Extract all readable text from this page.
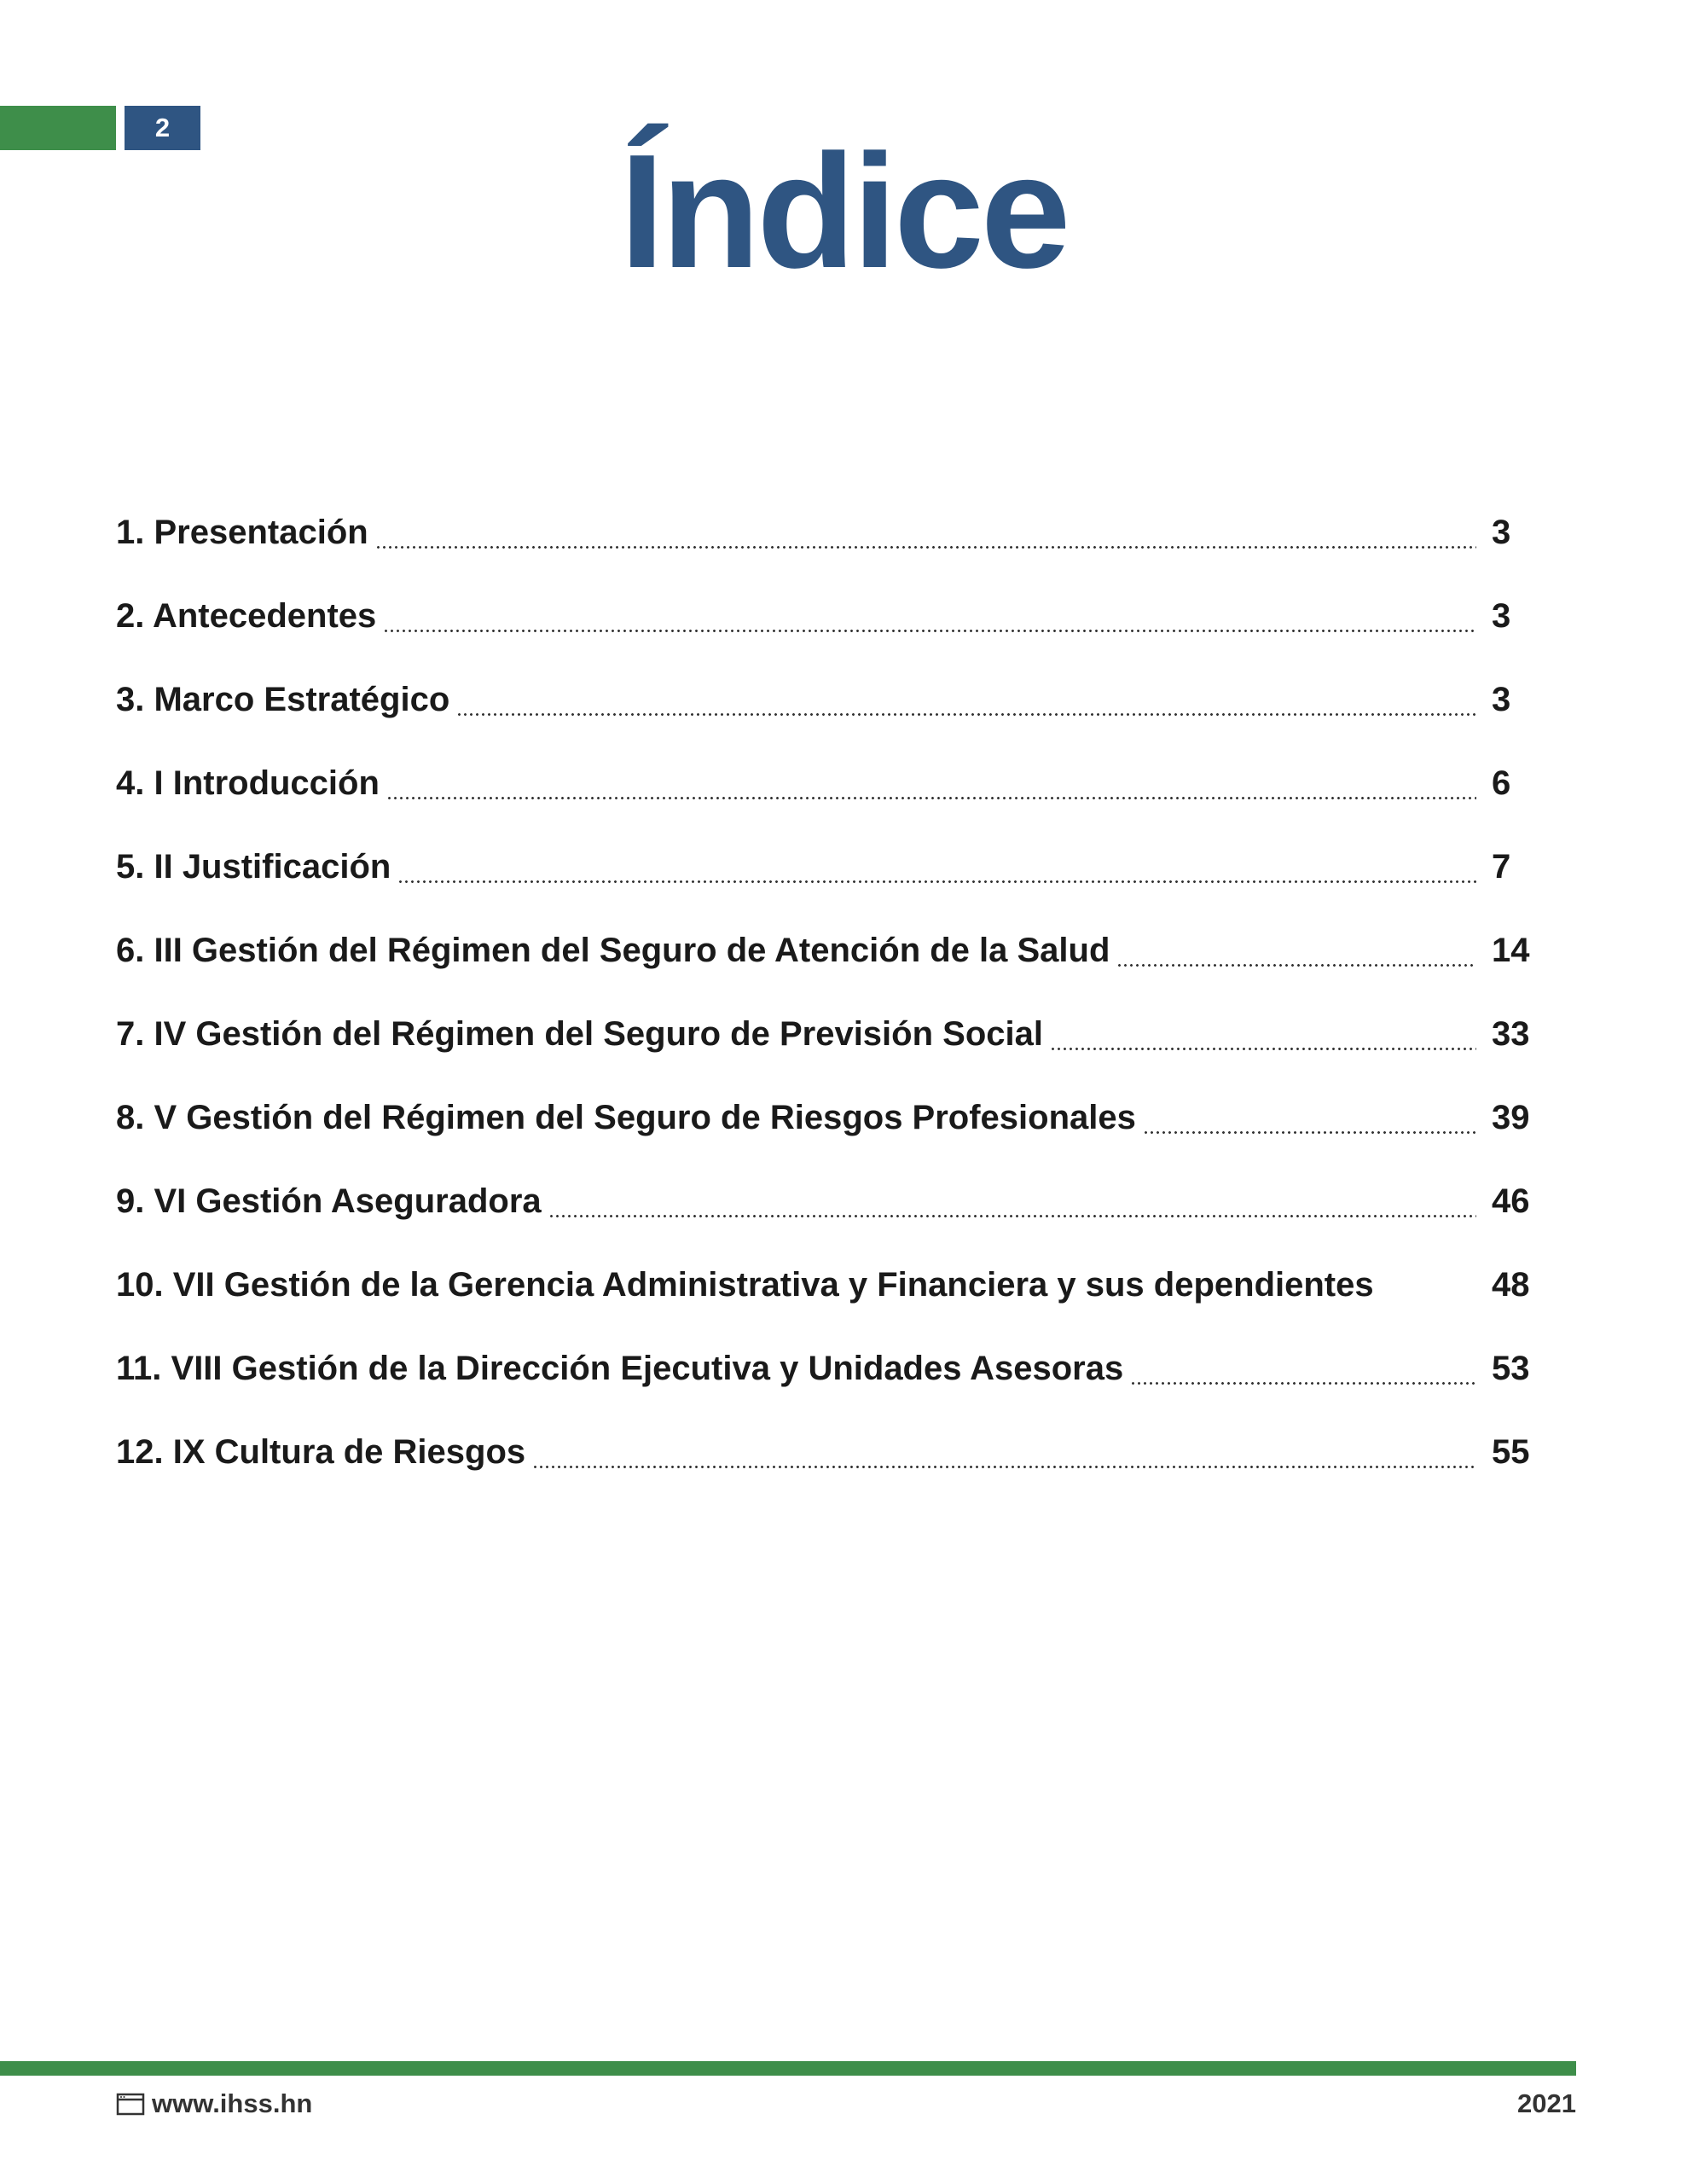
2	Índice
1. Presentación	3
2. Antecedentes	3
3. Marco Estratégico	3
4. I Introducción	6
5. II Justificación	7
6. III Gestión del Régimen del Seguro de Atención de la Salud	14
7. IV Gestión del Régimen del Seguro de Previsión Social	33
8. V Gestión del Régimen del Seguro de Riesgos Profesionales	39
9. VI Gestión Aseguradora	46
10. VII Gestión de la Gerencia Administrativa y Financiera y sus dependientes	48
11. VIII Gestión de la Dirección Ejecutiva y Unidades Asesoras	53
12. IX Cultura de Riesgos	55
www.ihss.hn	2021
